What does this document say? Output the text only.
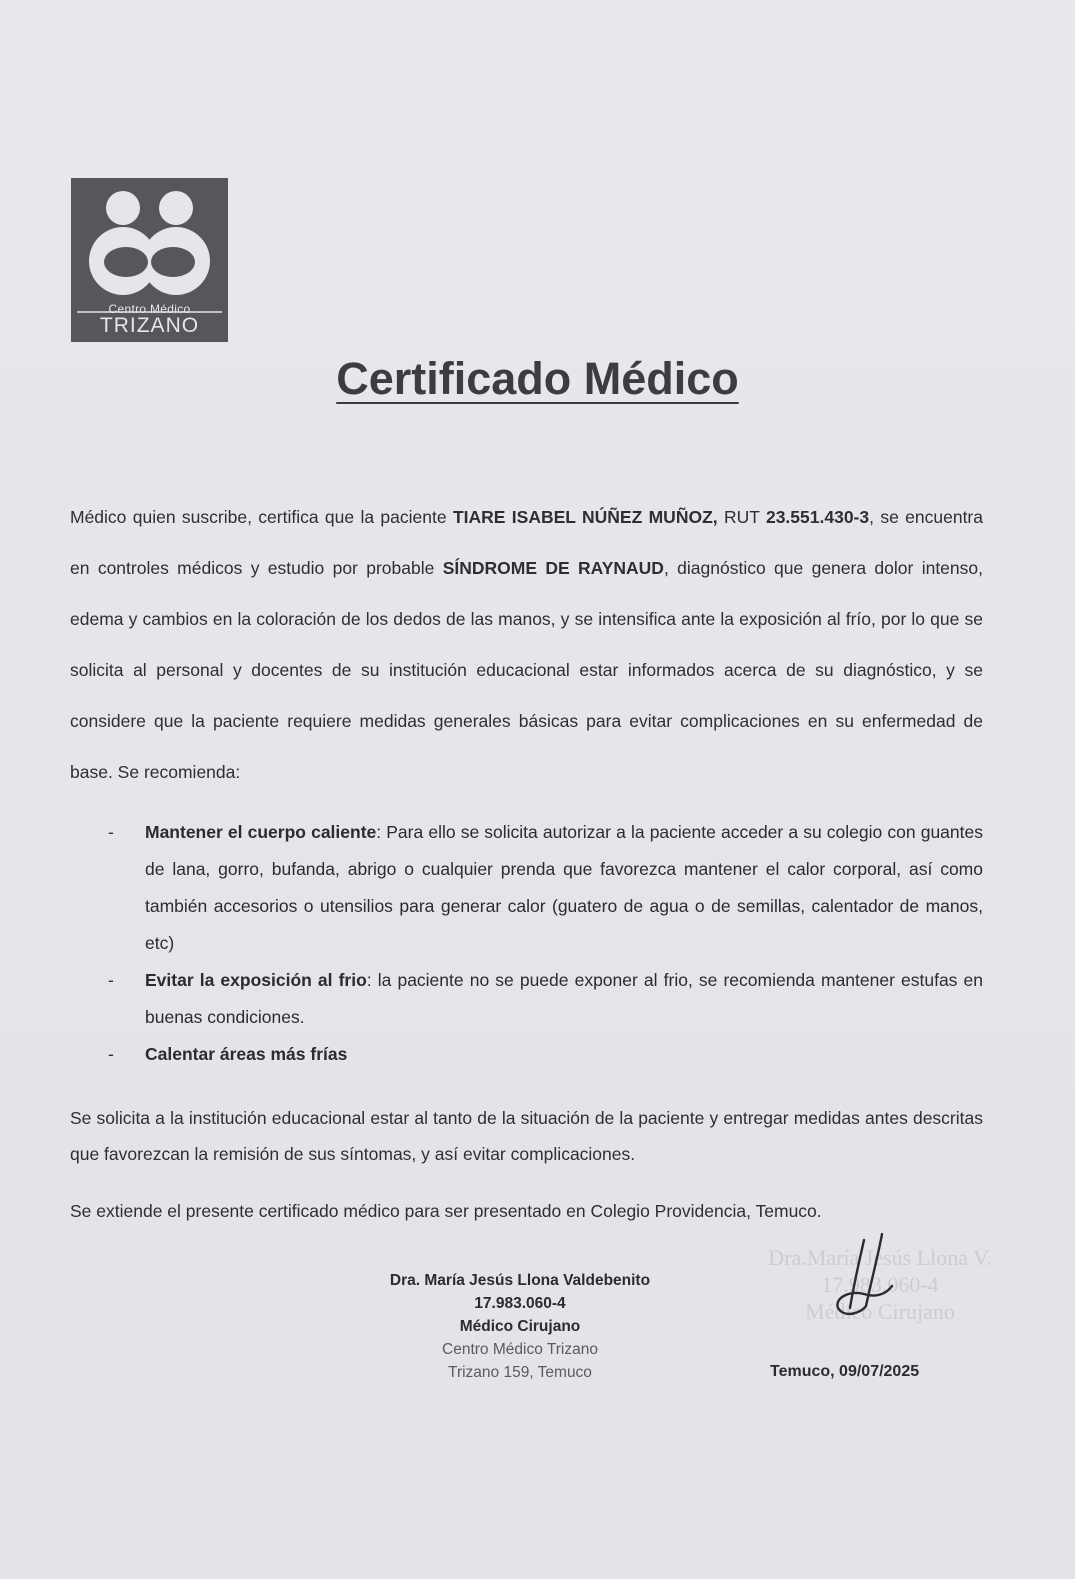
Centro Médico
TRIZANO
Certificado Médico
Médico quien suscribe, certifica que la paciente TIARE ISABEL NÚÑEZ MUÑOZ, RUT 23.551.430-3, se encuentra en controles médicos y estudio por probable SÍNDROME DE RAYNAUD, diagnóstico que genera dolor intenso, edema y cambios en la coloración de los dedos de las manos, y se intensifica ante la exposición al frío, por lo que se solicita al personal y docentes de su institución educacional estar informados acerca de su diagnóstico, y se considere que la paciente requiere medidas generales básicas para evitar complicaciones en su enfermedad de base. Se recomienda:
- Mantener el cuerpo caliente: Para ello se solicita autorizar a la paciente acceder a su colegio con guantes de lana, gorro, bufanda, abrigo o cualquier prenda que favorezca mantener el calor corporal, así como también accesorios o utensilios para generar calor (guatero de agua o de semillas, calentador de manos, etc)
- Evitar la exposición al frio: la paciente no se puede exponer al frio, se recomienda mantener estufas en buenas condiciones.
- Calentar áreas más frías
Se solicita a la institución educacional estar al tanto de la situación de la paciente y entregar medidas antes descritas que favorezcan la remisión de sus síntomas, y así evitar complicaciones.
Se extiende el presente certificado médico para ser presentado en Colegio Providencia, Temuco.
Dra.María Jesús Llona V.
17.983.060-4
Médico Cirujano
Dra. María Jesús Llona Valdebenito
17.983.060-4
Médico Cirujano
Centro Médico Trizano
Trizano 159, Temuco	Temuco, 09/07/2025
